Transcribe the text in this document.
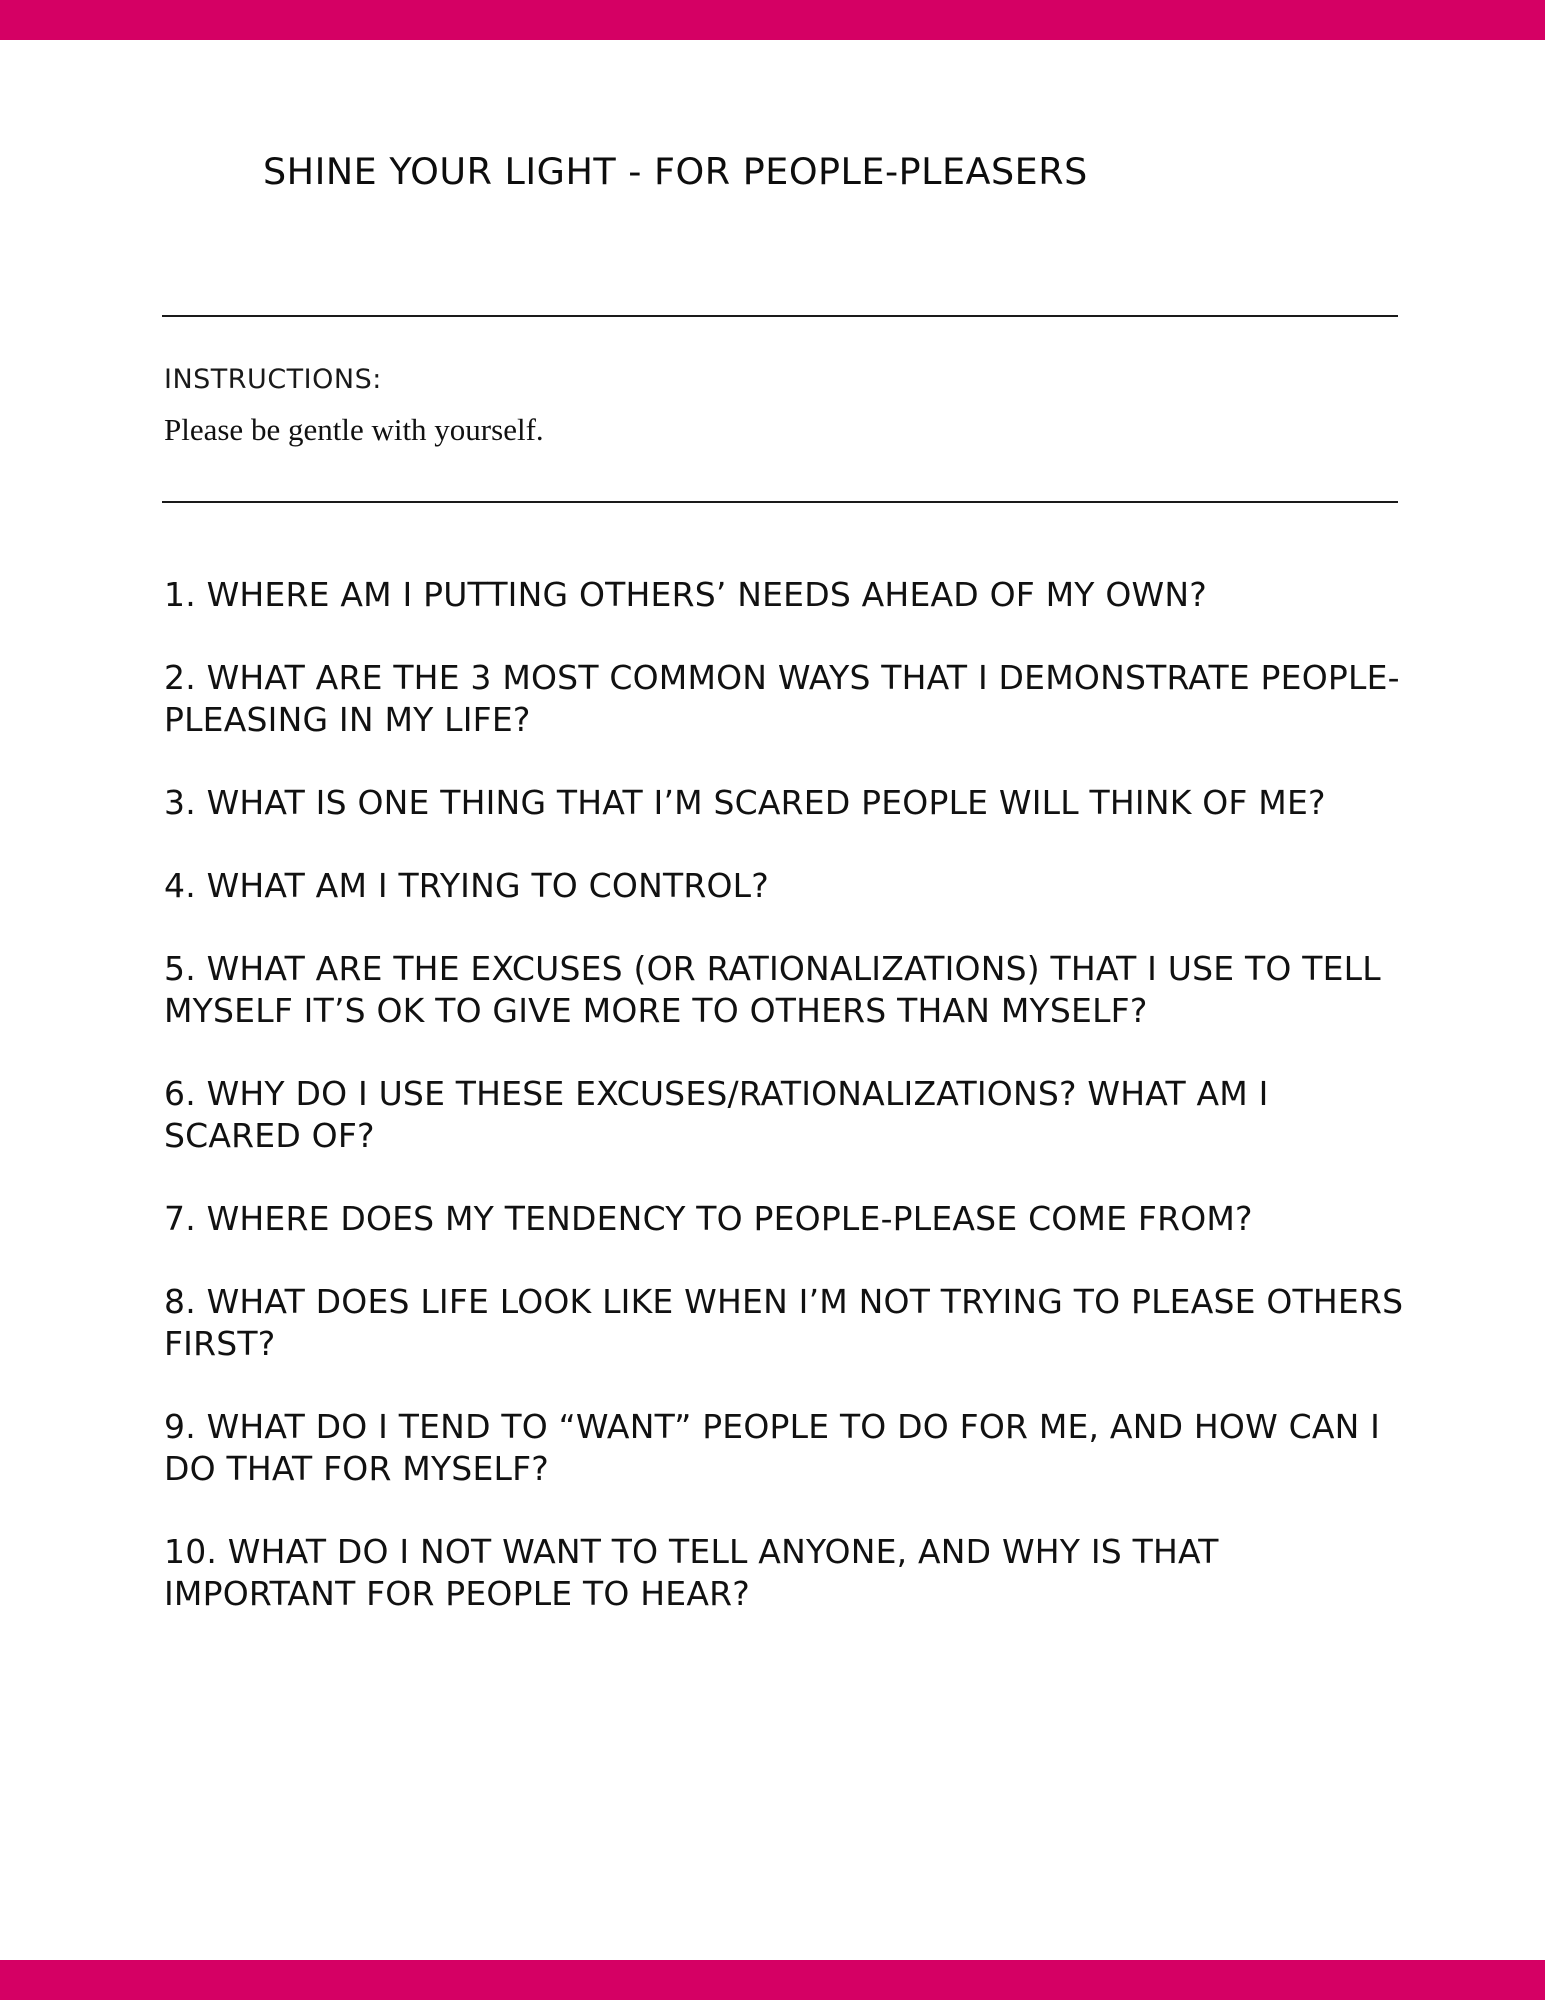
SHINE YOUR LIGHT - FOR PEOPLE-PLEASERS
INSTRUCTIONS:
Please be gentle with yourself.
1. WHERE AM I PUTTING OTHERS’ NEEDS AHEAD OF MY OWN?
2. WHAT ARE THE 3 MOST COMMON WAYS THAT I DEMONSTRATE PEOPLE-PLEASING IN MY LIFE?
3. WHAT IS ONE THING THAT I’M SCARED PEOPLE WILL THINK OF ME?
4. WHAT AM I TRYING TO CONTROL?
5. WHAT ARE THE EXCUSES (OR RATIONALIZATIONS) THAT I USE TO TELL MYSELF IT’S OK TO GIVE MORE TO OTHERS THAN MYSELF?
6. WHY DO I USE THESE EXCUSES/RATIONALIZATIONS? WHAT AM I SCARED OF?
7. WHERE DOES MY TENDENCY TO PEOPLE-PLEASE COME FROM?
8. WHAT DOES LIFE LOOK LIKE WHEN I’M NOT TRYING TO PLEASE OTHERS FIRST?
9. WHAT DO I TEND TO “WANT” PEOPLE TO DO FOR ME, AND HOW CAN I DO THAT FOR MYSELF?
10. WHAT DO I NOT WANT TO TELL ANYONE, AND WHY IS THAT IMPORTANT FOR PEOPLE TO HEAR?
